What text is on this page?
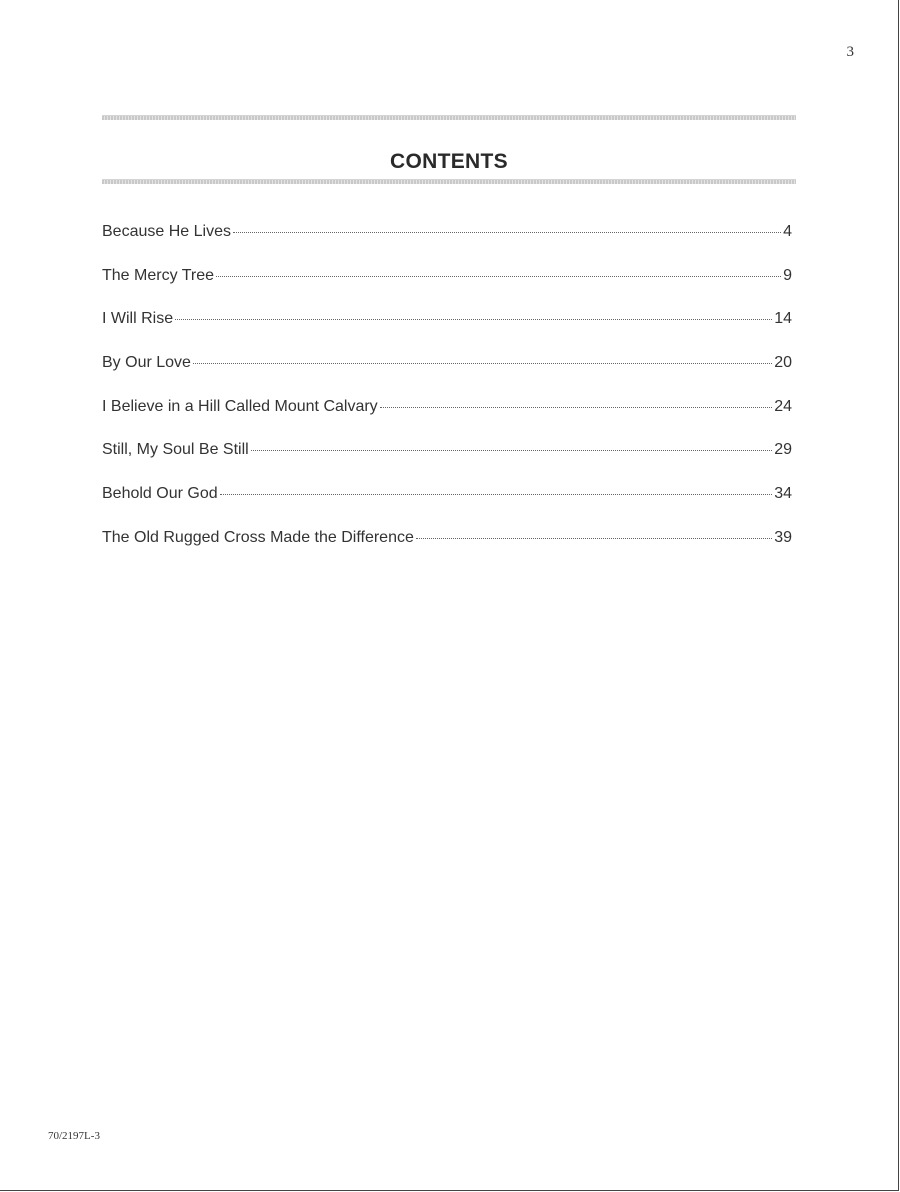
3
CONTENTS
Because He Lives	4
The Mercy Tree	9
I Will Rise	14
By Our Love	20
I Believe in a Hill Called Mount Calvary	24
Still, My Soul Be Still	29
Behold Our God	34
The Old Rugged Cross Made the Difference	39
70/2197L-3
